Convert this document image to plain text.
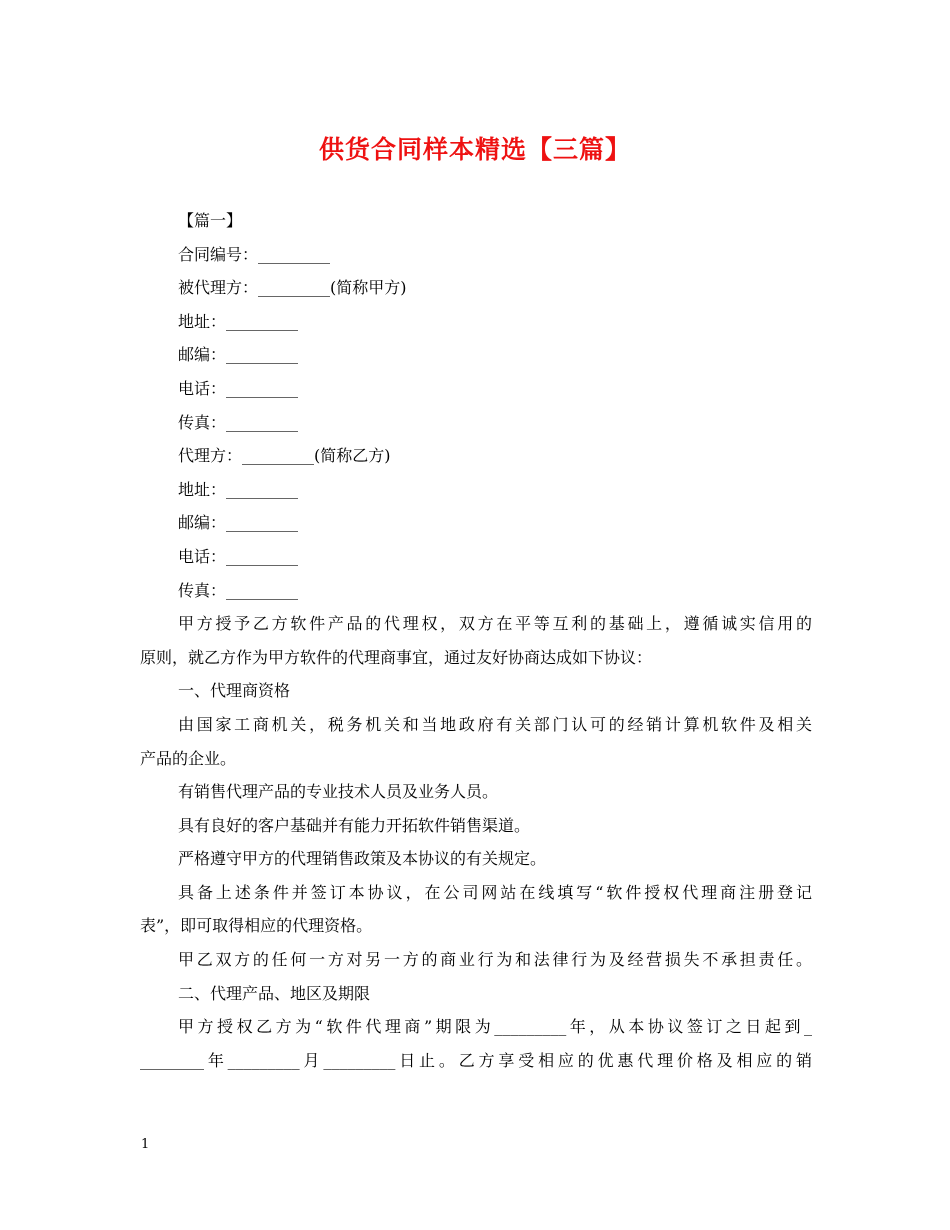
供货合同样本精选【三篇】
【篇一】
合同编号：_________
被代理方：_________(简称甲方)
地址：_________
邮编：_________
电话：_________
传真：_________
代理方：_________(简称乙方)
地址：_________
邮编：_________
电话：_________
传真：_________
甲方授予乙方软件产品的代理权，双方在平等互利的基础上，遵循诚实信用的
原则，就乙方作为甲方软件的代理商事宜，通过友好协商达成如下协议：
一、代理商资格
由国家工商机关，税务机关和当地政府有关部门认可的经销计算机软件及相关
产品的企业。
有销售代理产品的专业技术人员及业务人员。
具有良好的客户基础并有能力开拓软件销售渠道。
严格遵守甲方的代理销售政策及本协议的有关规定。
具备上述条件并签订本协议，在公司网站在线填写“软件授权代理商注册登记
表”，即可取得相应的代理资格。
甲乙双方的任何一方对另一方的商业行为和法律行为及经营损失不承担责任。
二、代理产品、地区及期限
甲方授权乙方为“软件代理商”期限为_________年，从本协议签订之日起到_
________年_________月_________日止。乙方享受相应的优惠代理价格及相应的销
1
